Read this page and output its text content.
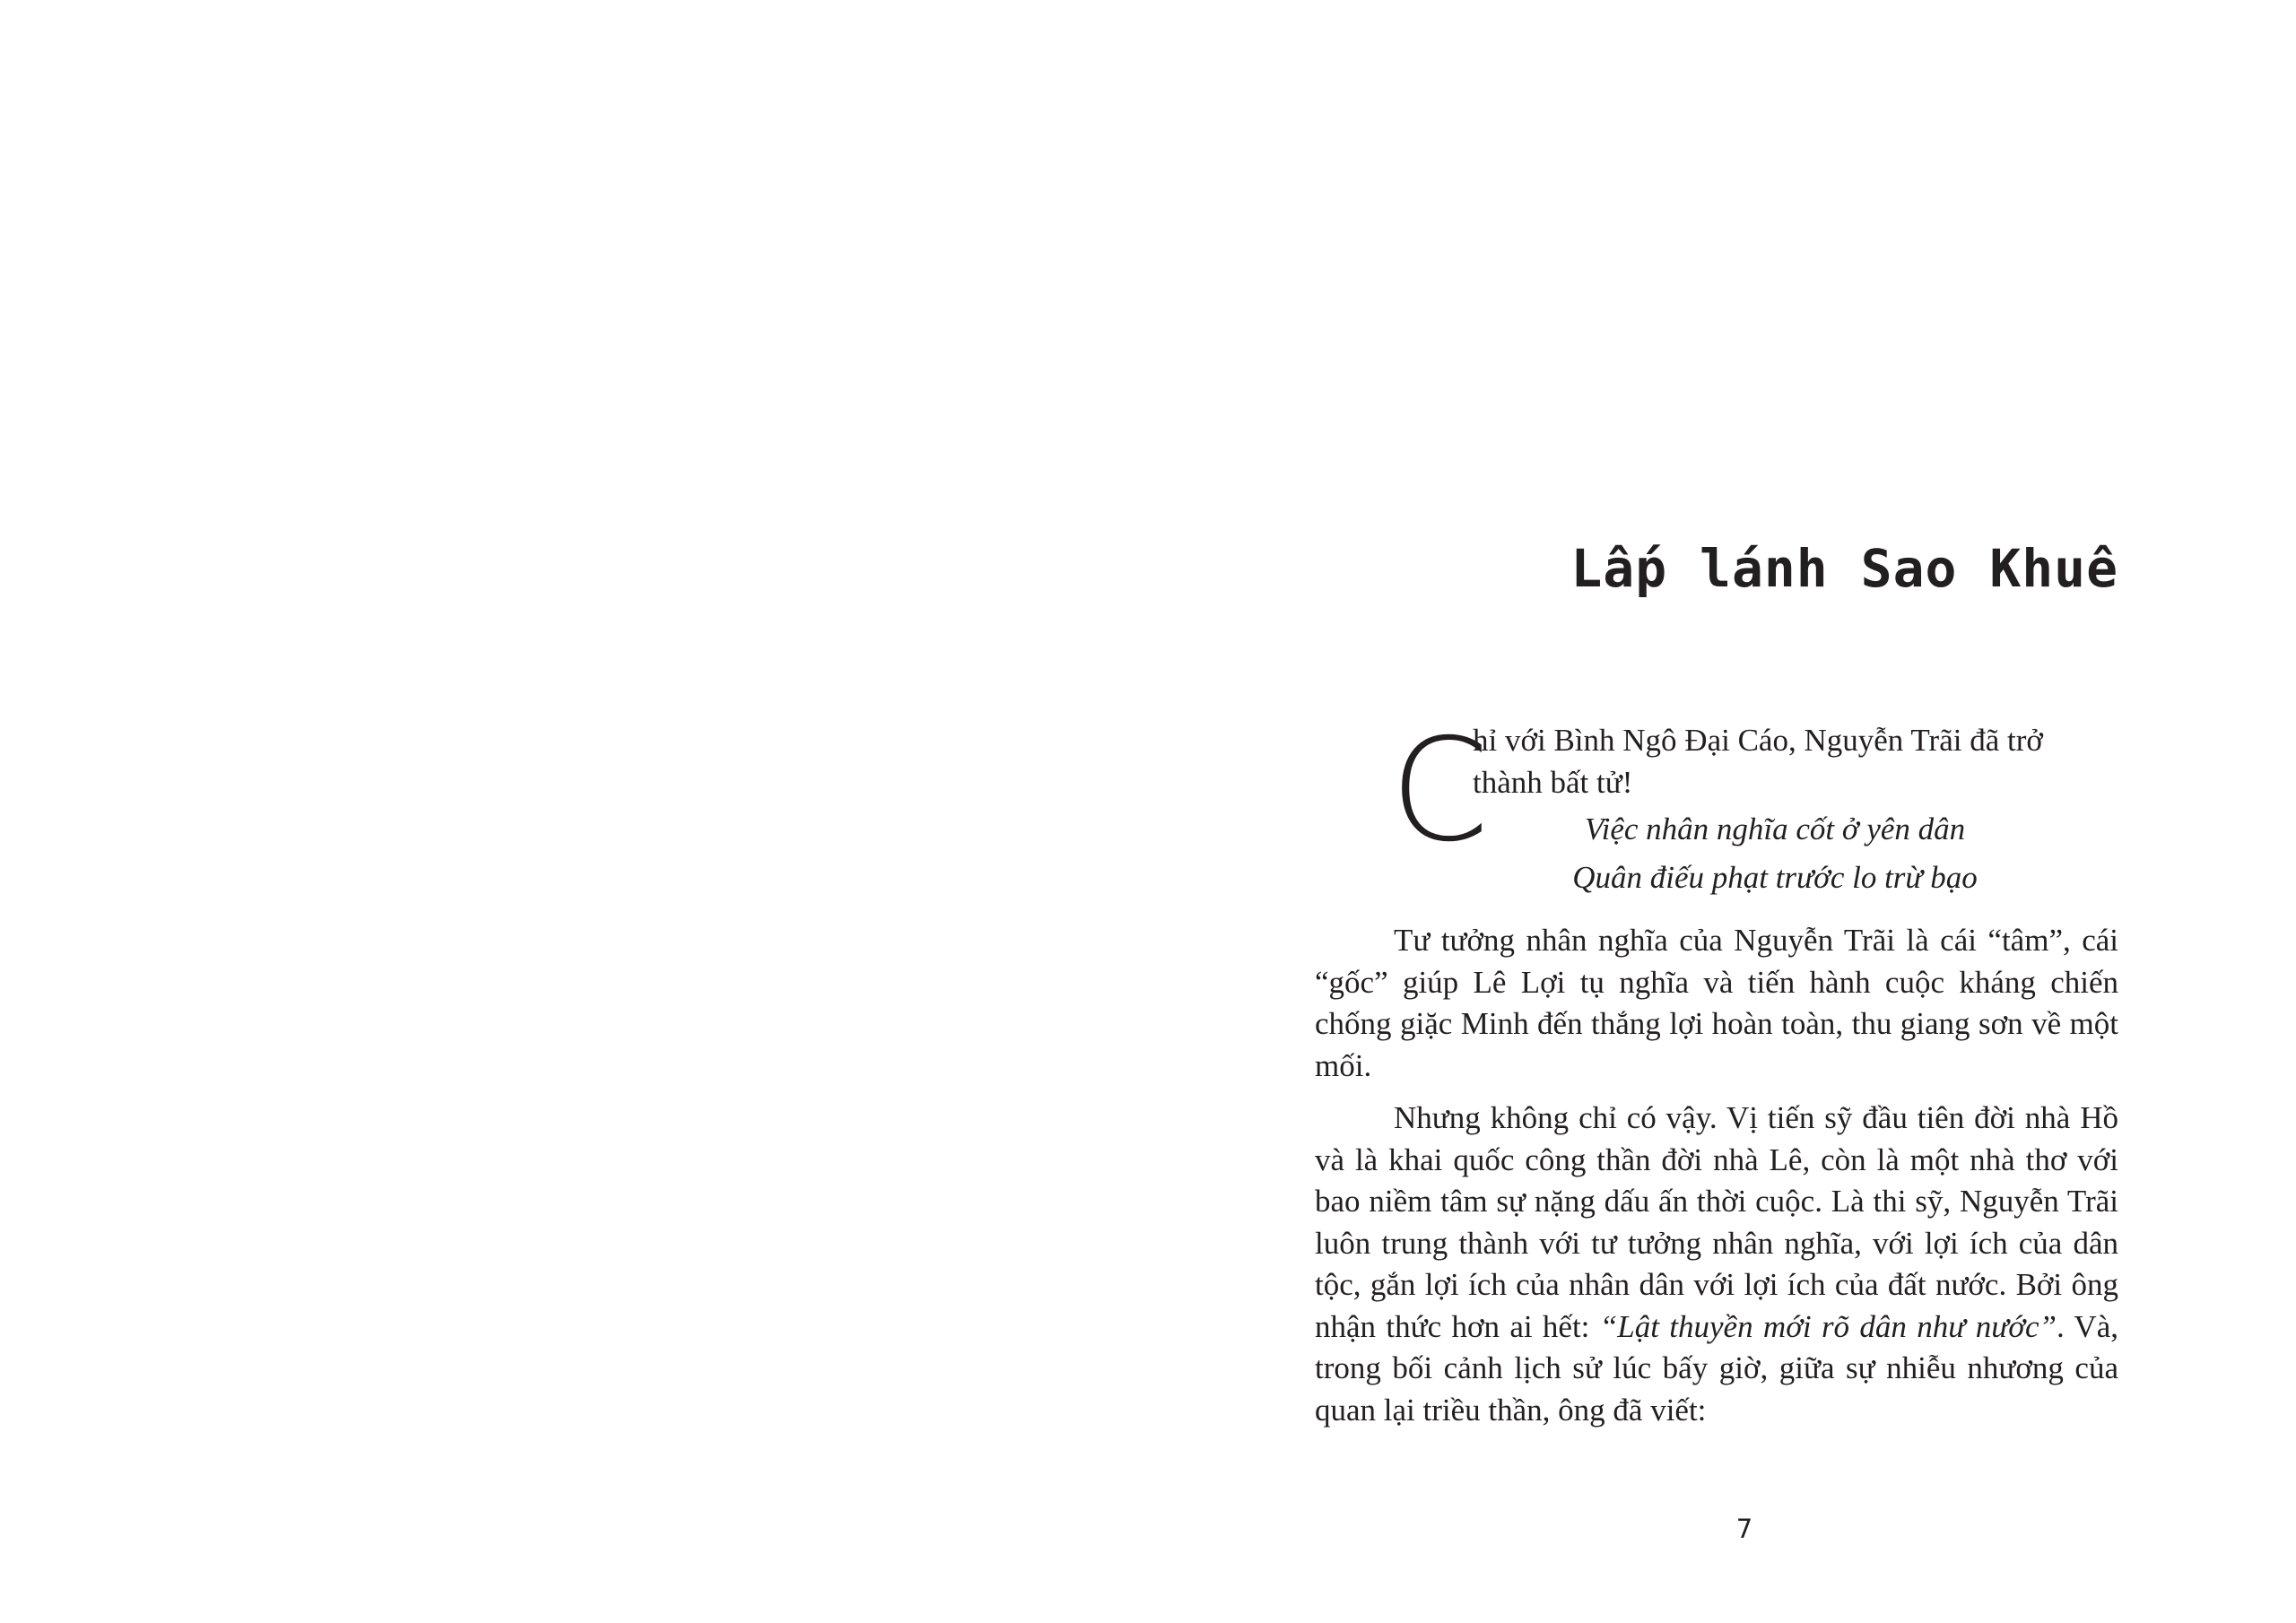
Lấp lánh Sao Khuê

C
hỉ với Bình Ngô Đại Cáo, Nguyễn Trãi đã trở
thành bất tử!

Việc nhân nghĩa cốt ở yên dân
Quân điếu phạt trước lo trừ bạo

Tư tưởng nhân nghĩa của Nguyễn Trãi là cái “tâm”, cái “gốc” giúp Lê Lợi tụ nghĩa và tiến hành cuộc kháng chiến chống giặc Minh đến thắng lợi hoàn toàn, thu giang sơn về một mối.

Nhưng không chỉ có vậy. Vị tiến sỹ đầu tiên đời nhà Hồ và là khai quốc công thần đời nhà Lê, còn là một nhà thơ với bao niềm tâm sự nặng dấu ấn thời cuộc. Là thi sỹ, Nguyễn Trãi luôn trung thành với tư tưởng nhân nghĩa, với lợi ích của dân tộc, gắn lợi ích của nhân dân với lợi ích của đất nước. Bởi ông nhận thức hơn ai hết: “Lật thuyền mới rõ dân như nước”. Và, trong bối cảnh lịch sử lúc bấy giờ, giữa sự nhiễu nhương của quan lại triều thần, ông đã viết:

7
